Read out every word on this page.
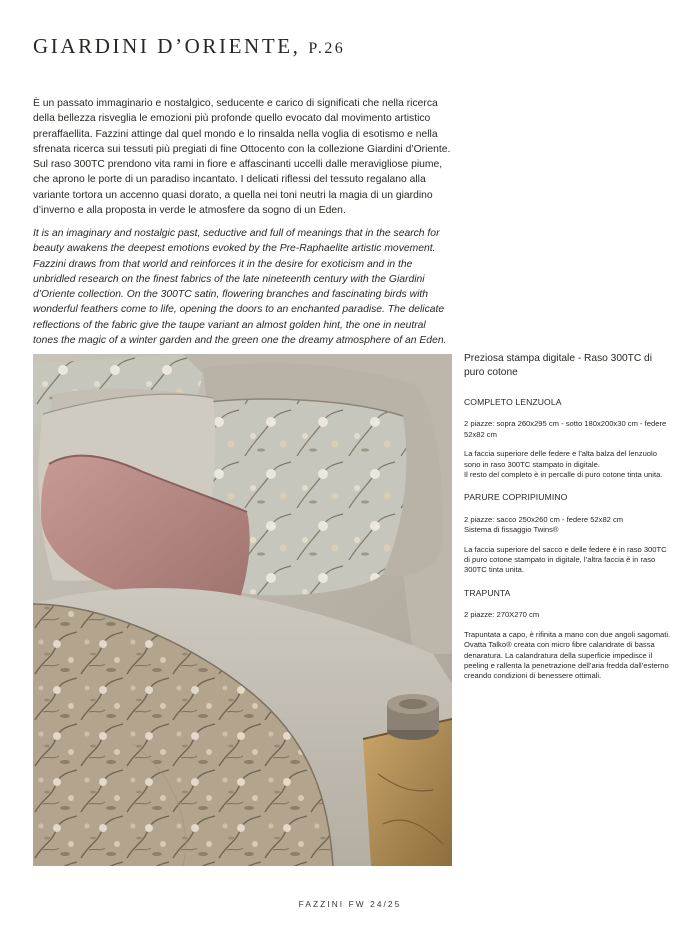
GIARDINI D’ORIENTE, P.26

È un passato immaginario e nostalgico, seducente e carico di significati che nella ricerca della bellezza risveglia le emozioni più profonde quello evocato dal movimento artistico preraffaellita. Fazzini attinge dal quel mondo e lo rinsalda nella voglia di esotismo e nella sfrenata ricerca sui tessuti più pregiati di fine Ottocento con la collezione Giardini d’Oriente. Sul raso 300TC prendono vita rami in fiore e affascinanti uccelli dalle meravigliose piume, che aprono le porte di un paradiso incantato. I delicati riflessi del tessuto regalano alla variante tortora un accenno quasi dorato, a quella nei toni neutri la magia di un giardino d’inverno e alla proposta in verde le atmosfere da sogno di un Eden.

It is an imaginary and nostalgic past, seductive and full of meanings that in the search for beauty awakens the deepest emotions evoked by the Pre-Raphaelite artistic movement. Fazzini draws from that world and reinforces it in the desire for exoticism and in the unbridled research on the finest fabrics of the late nineteenth century with the Giardini d’Oriente collection. On the 300TC satin, flowering branches and fascinating birds with wonderful feathers come to life, opening the doors to an enchanted paradise. The delicate reflections of the fabric give the taupe variant an almost golden hint, the one in neutral tones the magic of a winter garden and the green one the dreamy atmosphere of an Eden.

Preziosa stampa digitale - Raso 300TC di puro cotone

COMPLETO LENZUOLA

2 piazze: sopra 260x295 cm - sotto 180x200x30 cm - federe 52x82 cm

La faccia superiore delle federe e l’alta balza del lenzuolo sono in raso 300TC stampato in digitale.
Il resto del completo è in percalle di puro cotone tinta unita.

PARURE COPRIPIUMINO

2 piazze: sacco 250x260 cm - federe 52x82 cm
Sistema di fissaggio Twins®

La faccia superiore del sacco e delle federe è in raso 300TC
di puro cotone stampato in digitale, l’altra faccia è in raso 300TC tinta unita.

TRAPUNTA

2 piazze: 270X270 cm

Trapuntata a capo, è rifinita a mano con due angoli sagomati.
Ovatta Talko® creata con micro fibre calandrate di bassa denaratura. La calandratura della superficie impedisce il peeling e rallenta la penetrazione dell’aria fredda dall’esterno creando condizioni di benessere ottimali.

FAZZINI FW 24/25
